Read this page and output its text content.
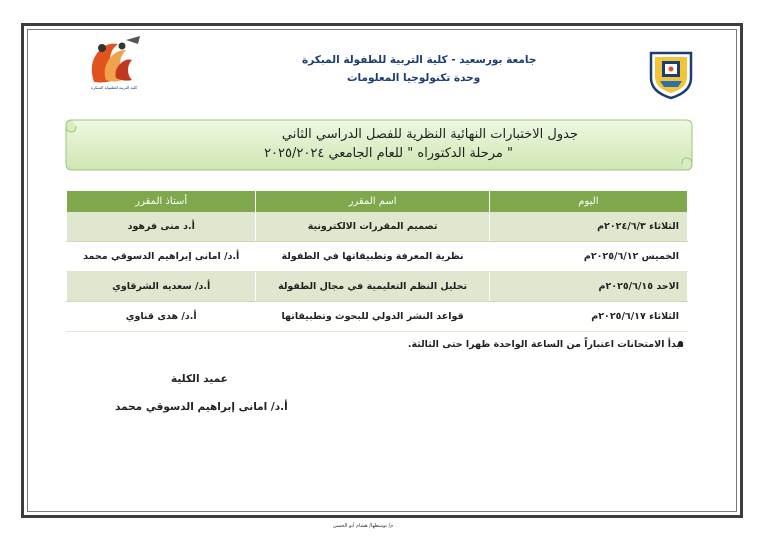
كلية التربية للطفولة المبكرة
جامعة بورسعيد - كلية التربية للطفولة المبكرة
وحدة تكنولوجيا المعلومات
جدول الاختبارات النهائية النظرية للفصل الدراسي الثاني
" مرحلة الدكتوراه " للعام الجامعي ٢٠٢٥/٢٠٢٤
اليوم	اسم المقرر	أستاذ المقرر
الثلاثاء ٢٠٢٤/٦/٣م	تصميم المقررات الالكترونية	أ.د منى فرهود
الخميس ٢٠٢٥/٦/١٢م	نظرية المعرفة وتطبيقاتها في الطفولة	أ.د/ امانى إبراهيم الدسوقي محمد
الاحد ٢٠٢٥/٦/١٥م	تحليل النظم التعليمية في مجال الطفولة	أ.د/ سعديه الشرقاوي
الثلاثاء ٢٠٢٥/٦/١٧م	قواعد النشر الدولي للبحوث وتطبيقاتها	أ.د/ هدى قناوي
تبدأ الامتحانات اعتباراً من الساعة الواحدة ظهرا حتى الثالثة.
عميد الكلية
أ.د/ امانى إبراهيم الدسوقي محمد
م/ توسطها/ هشام أبو الحسن
